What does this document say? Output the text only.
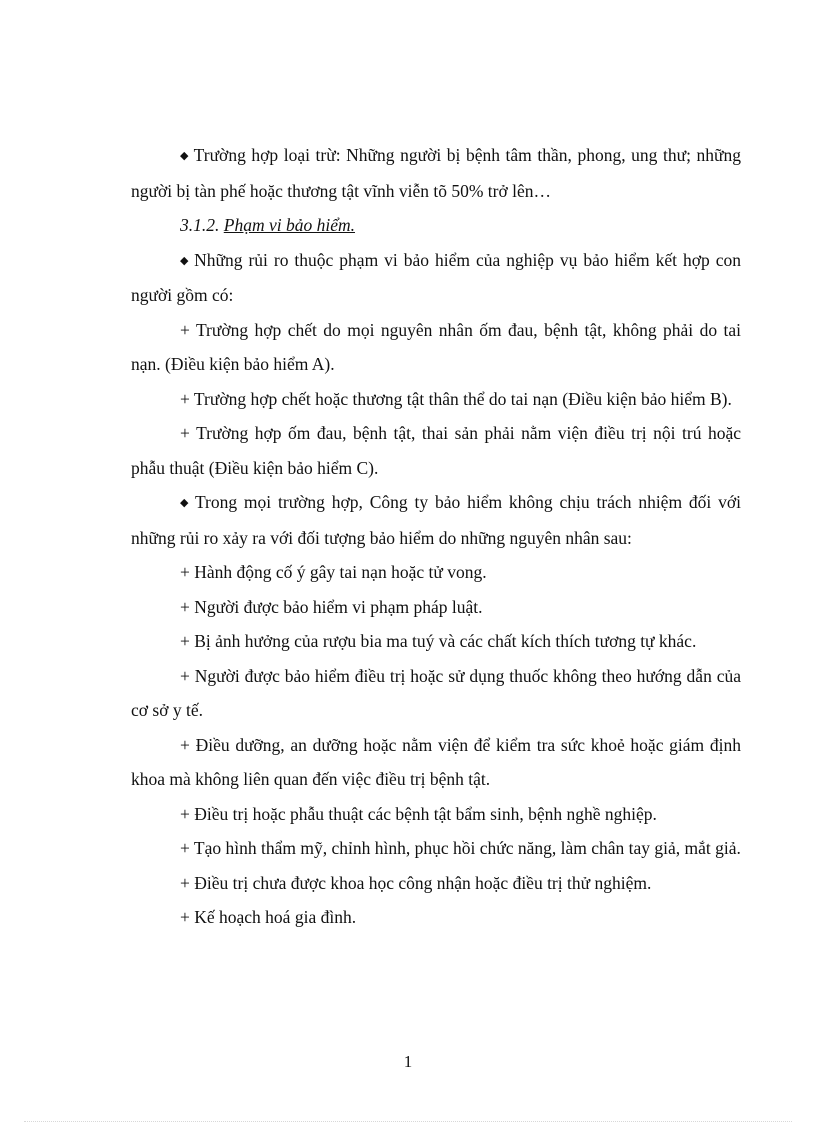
◆ Trường hợp loại trừ: Những người bị bệnh tâm thần, phong, ung thư; những người bị tàn phế hoặc thương tật vĩnh viễn tõ 50% trở lên…

3.1.2. Phạm vi bảo hiểm.

◆ Những rủi ro thuộc phạm vi bảo hiểm của nghiệp vụ bảo hiểm kết hợp con người gồm có:

+ Trường hợp chết do mọi nguyên nhân ốm đau, bệnh tật, không phải do tai nạn. (Điều kiện bảo hiểm A).

+ Trường hợp chết hoặc thương tật thân thể do tai nạn (Điều kiện bảo hiểm B).

+ Trường hợp ốm đau, bệnh tật, thai sản phải nằm viện điều trị nội trú hoặc phẫu thuật (Điều kiện bảo hiểm C).

◆ Trong mọi trường hợp, Công ty bảo hiểm không chịu trách nhiệm đối với những rủi ro xảy ra với đối tượng bảo hiểm do những nguyên nhân sau:

+ Hành động cố ý gây tai nạn hoặc tử vong.

+ Người được bảo hiểm vi phạm pháp luật.

+ Bị ảnh hưởng của rượu bia ma tuý và các chất kích thích tương tự khác.

+ Người được bảo hiểm điều trị hoặc sử dụng thuốc không theo hướng dẫn của cơ sở y tế.

+ Điều dưỡng, an dưỡng hoặc nằm viện để kiểm tra sức khoẻ hoặc giám định khoa mà không liên quan đến việc điều trị bệnh tật.

+ Điều trị hoặc phẫu thuật các bệnh tật bẩm sinh, bệnh nghề nghiệp.

+ Tạo hình thẩm mỹ, chỉnh hình, phục hồi chức năng, làm chân tay giả, mắt giả.

+ Điều trị chưa được khoa học công nhận hoặc điều trị thử nghiệm.

+ Kế hoạch hoá gia đình.

1
